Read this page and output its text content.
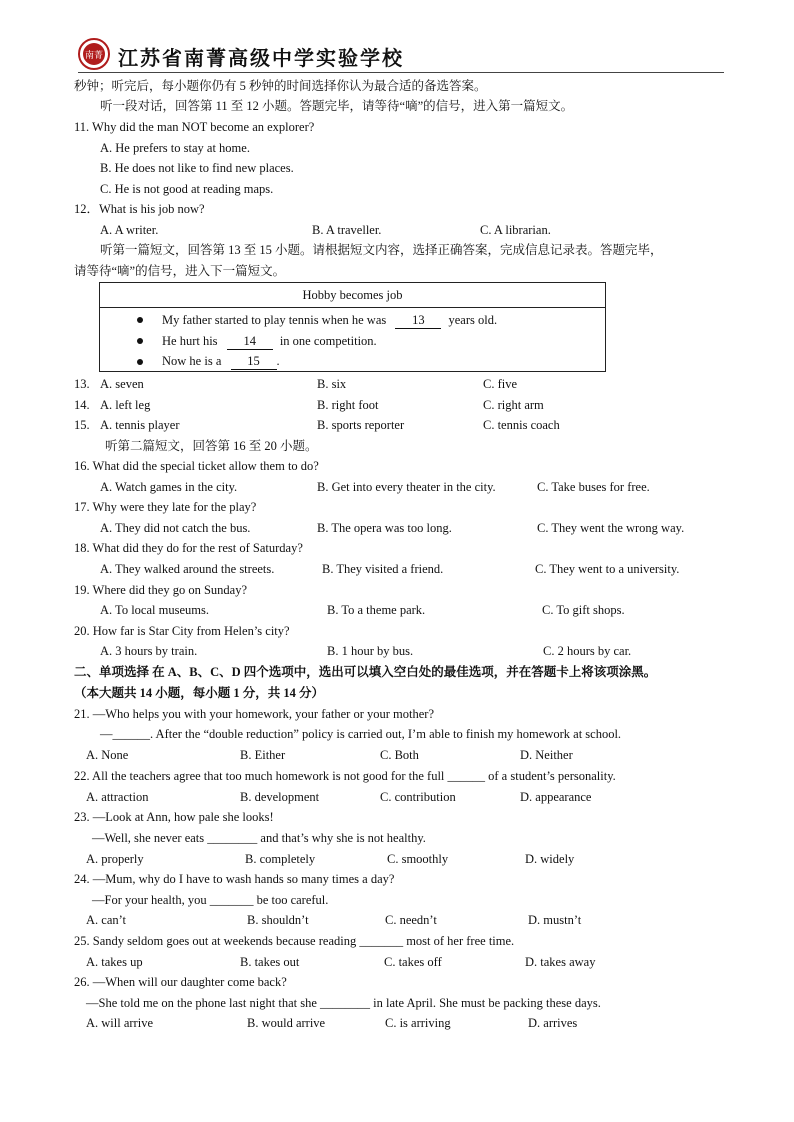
南菁 江苏省南菁高级中学实验学校
秒钟；听完后，每小题你仍有 5 秒钟的时间选择你认为最合适的备选答案。
听一段对话，回答第 11 至 12 小题。答题完毕，请等待“嘀”的信号，进入第一篇短文。
11. Why did the man NOT become an explorer?
A. He prefers to stay at home.
B. He does not like to find new places.
C. He is not good at reading maps.
12．What is his job now?
A. A writer.	B. A traveller.	C. A librarian.
听第一篇短文，回答第 13 至 15 小题。请根据短文内容，选择正确答案，完成信息记录表。答题完毕，
请等待“嘀”的信号，进入下一篇短文。
Hobby becomes job
My father started to play tennis when he was 13 years old.
He hurt his 14 in one competition.
Now he is a 15 .
13. A. seven	B. six	C. five
14. A. left leg	B. right foot	C. right arm
15. A. tennis player	B. sports reporter	C. tennis coach
听第二篇短文，回答第 16 至 20 小题。
16. What did the special ticket allow them to do?
A. Watch games in the city.	B. Get into every theater in the city.	C. Take buses for free.
17. Why were they late for the play?
A. They did not catch the bus.	B. The opera was too long.	C. They went the wrong way.
18. What did they do for the rest of Saturday?
A. They walked around the streets.	B. They visited a friend.	C. They went to a university.
19. Where did they go on Sunday?
A. To local museums.	B. To a theme park.	C. To gift shops.
20. How far is Star City from Helen’s city?
A. 3 hours by train.	B. 1 hour by bus.	C. 2 hours by car.
二、单项选择 在 A、B、C、D 四个选项中，选出可以填入空白处的最佳选项，并在答题卡上将该项涂黑。
（本大题共 14 小题，每小题 1 分，共 14 分）
21. —Who helps you with your homework, your father or your mother?
—______. After the “double reduction” policy is carried out, I’m able to finish my homework at school.
A. None	B. Either	C. Both	D. Neither
22. All the teachers agree that too much homework is not good for the full ______ of a student’s personality.
A. attraction	B. development	C. contribution	D. appearance
23. —Look at Ann, how pale she looks!
—Well, she never eats ________ and that’s why she is not healthy.
A. properly	B. completely	C. smoothly	D. widely
24. —Mum, why do I have to wash hands so many times a day?
—For your health, you _______ be too careful.
A. can’t	B. shouldn’t	C. needn’t	D. mustn’t
25. Sandy seldom goes out at weekends because reading _______ most of her free time.
A. takes up	B. takes out	C. takes off	D. takes away
26. —When will our daughter come back?
—She told me on the phone last night that she ________ in late April. She must be packing these days.
A. will arrive	B. would arrive	C. is arriving	D. arrives
